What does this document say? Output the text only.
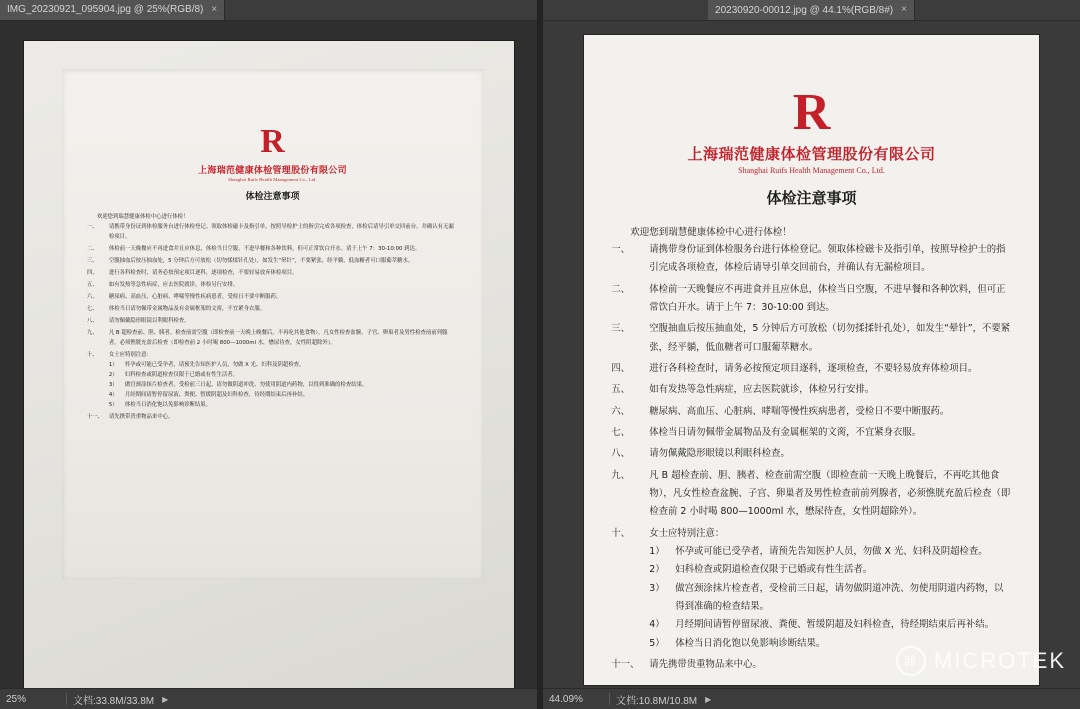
IMG_20230921_095904.jpg @ 25%(RGB/8) ×
R
上海瑞范健康体检管理股份有限公司
Shanghai Ruifs Health Management Co., Ltd.
体检注意事项
欢迎您到瑞慧健康体检中心进行体检！
一、	请携带身份证到体检服务台进行体检登记。领取体检磁卡及指引单，按照导检护士的指引完成各项检查，体检后请导引单交回前台，并确认有无漏检项目。
二、	体检前一天晚餐应不再进食并且应休息，体检当日空腹，不进早餐和各种饮料，但可正常饮白开水。请于上午 7：30-10:00 到达。
三、	空腹抽血后按压抽血处，5 分钟后方可放松（切勿揉揉针孔处），如发生“晕针”，不要紧张，经平躺，低血糖者可口服葡萃糖水。
四、	进行各科检查时，请务必按预定项目逐科，逐项检查，不要轻易放弃体检项目。
五、	如有发热等急性病症，应去医院就诊，体检另行安排。
六、	糖尿病、高血压、心脏病、哮喘等慢性疾病患者，受检日不要中断服药。
七、	体检当日请勿佩带金属物品及有金属框架的文脔，不宜紧身衣服。
八、	请勿佩戴隐形眼镜以利眼科检查。
九、	凡 B 超检查前、胆、胰者、检查前需空腹（即检查前一天晚上晚餐后，不再吃其他食物），凡女性检查盆腕、子宫、卵巢者及男性检查前前列腺者，必须憔胱充盈后检查（即检查前 2 小时喝 800—1000ml 水，懋尿待查，女性阴超除外）。
十、	女士应特别注意：
1）	怀孕或可能已受孕者，请预先告知医护人员，勿做 X 光、妇科及阴超检查。
2）	妇科检查或阴道检查仅限于已婚或有性生活者。
3）	做宫颈涂抹片检查者，受检前三日起，请勿做阴道冲洗、勿使用阴道内药物，以得到准确的检查结果。
4）	月经期间请暂停留尿液、粪便、暂缓阴超及妇科检查，待经期结束后再补结。
5）	体检当日消化饱以免影响诊断结果。
十一、	请先携带贵重物品来中心。
20230920-00012.jpg @ 44.1%(RGB/8#) ×
R
上海瑞范健康体检管理股份有限公司
Shanghai Ruifs Health Management Co., Ltd.
体检注意事项
欢迎您到瑞慧健康体检中心进行体检！
一、	请携带身份证到体检服务台进行体检登记。领取体检磁卡及指引单，按照导检护士的指引完成各项检查，体检后请导引单交回前台，并确认有无漏检项目。
二、	体检前一天晚餐应不再进食并且应休息，体检当日空腹，不进早餐和各种饮料，但可正常饮白开水。请于上午 7：30-10:00 到达。
三、	空腹抽血后按压抽血处，5 分钟后方可放松（切勿揉揉针孔处），如发生“晕针”，不要紧张，经平躺，低血糖者可口服葡萃糖水。
四、	进行各科检查时，请务必按预定项目逐科，逐项检查，不要轻易放弃体检项目。
五、	如有发热等急性病症，应去医院就诊，体检另行安排。
六、	糖尿病、高血压、心脏病、哮喘等慢性疾病患者，受检日不要中断服药。
七、	体检当日请勿佩带金属物品及有金属框架的文脔，不宜紧身衣服。
八、	请勿佩戴隐形眼镜以利眼科检查。
九、	凡 B 超检查前、胆、胰者、检查前需空腹（即检查前一天晚上晚餐后，不再吃其他食物），凡女性检查盆腕、子宫、卵巢者及男性检查前前列腺者，必须憔胱充盈后检查（即检查前 2 小时喝 800—1000ml 水，懋尿待查，女性阴超除外）。
十、	女士应特别注意：
1）	怀孕或可能已受孕者，请预先告知医护人员，勿做 X 光、妇科及阴超检查。
2）	妇科检查或阴道检查仅限于已婚或有性生活者。
3）	做宫颈涂抹片检查者，受检前三日起，请勿做阴道冲洗、勿使用阴道内药物，以得到准确的检查结果。
4）	月经期间请暂停留尿液、粪便、暂缓阴超及妇科检查，待经期结束后再补结。
5）	体检当日消化饱以免影响诊断结果。
十一、	请先携带贵重物品来中心。	⌘ MICROTEK
25%	文档:33.8M/33.8M ▶	44.09%	文档:10.8M/10.8M ▶
